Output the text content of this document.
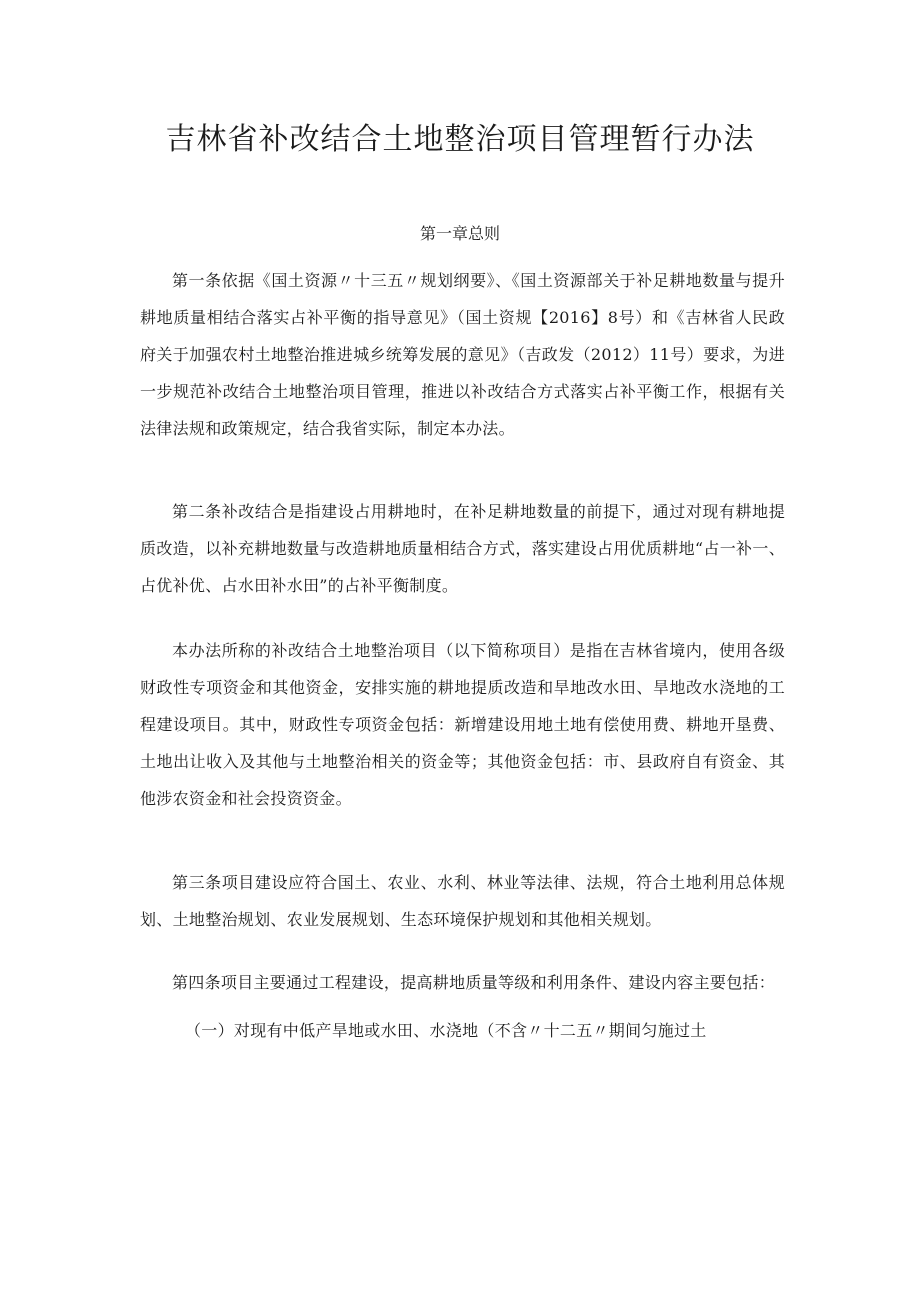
吉林省补改结合土地整治项目管理暂行办法

第一章总则

第一条依据《国土资源〃十三五〃规划纲要》、《国土资源部关于补足耕地数量与提升耕地质量相结合落实占补平衡的指导意见》（国土资规【2016】8号）和《吉林省人民政府关于加强农村土地整治推进城乡统筹发展的意见》（吉政发（2012）11号）要求，为进一步规范补改结合土地整治项目管理，推进以补改结合方式落实占补平衡工作，根据有关法律法规和政策规定，结合我省实际，制定本办法。

第二条补改结合是指建设占用耕地时，在补足耕地数量的前提下，通过对现有耕地提质改造，以补充耕地数量与改造耕地质量相结合方式，落实建设占用优质耕地“占一补一、占优补优、占水田补水田”的占补平衡制度。

本办法所称的补改结合土地整治项目（以下简称项目）是指在吉林省境内，使用各级财政性专项资金和其他资金，安排实施的耕地提质改造和旱地改水田、旱地改水浇地的工程建设项目。其中，财政性专项资金包括：新增建设用地土地有偿使用费、耕地开垦费、土地出让收入及其他与土地整治相关的资金等；其他资金包括：市、县政府自有资金、其他涉农资金和社会投资资金。

第三条项目建设应符合国土、农业、水利、林业等法律、法规，符合土地利用总体规划、土地整治规划、农业发展规划、生态环境保护规划和其他相关规划。

第四条项目主要通过工程建设，提高耕地质量等级和利用条件、建设内容主要包括：

（一）对现有中低产旱地或水田、水浇地（不含〃十二五〃期间匀施过土
